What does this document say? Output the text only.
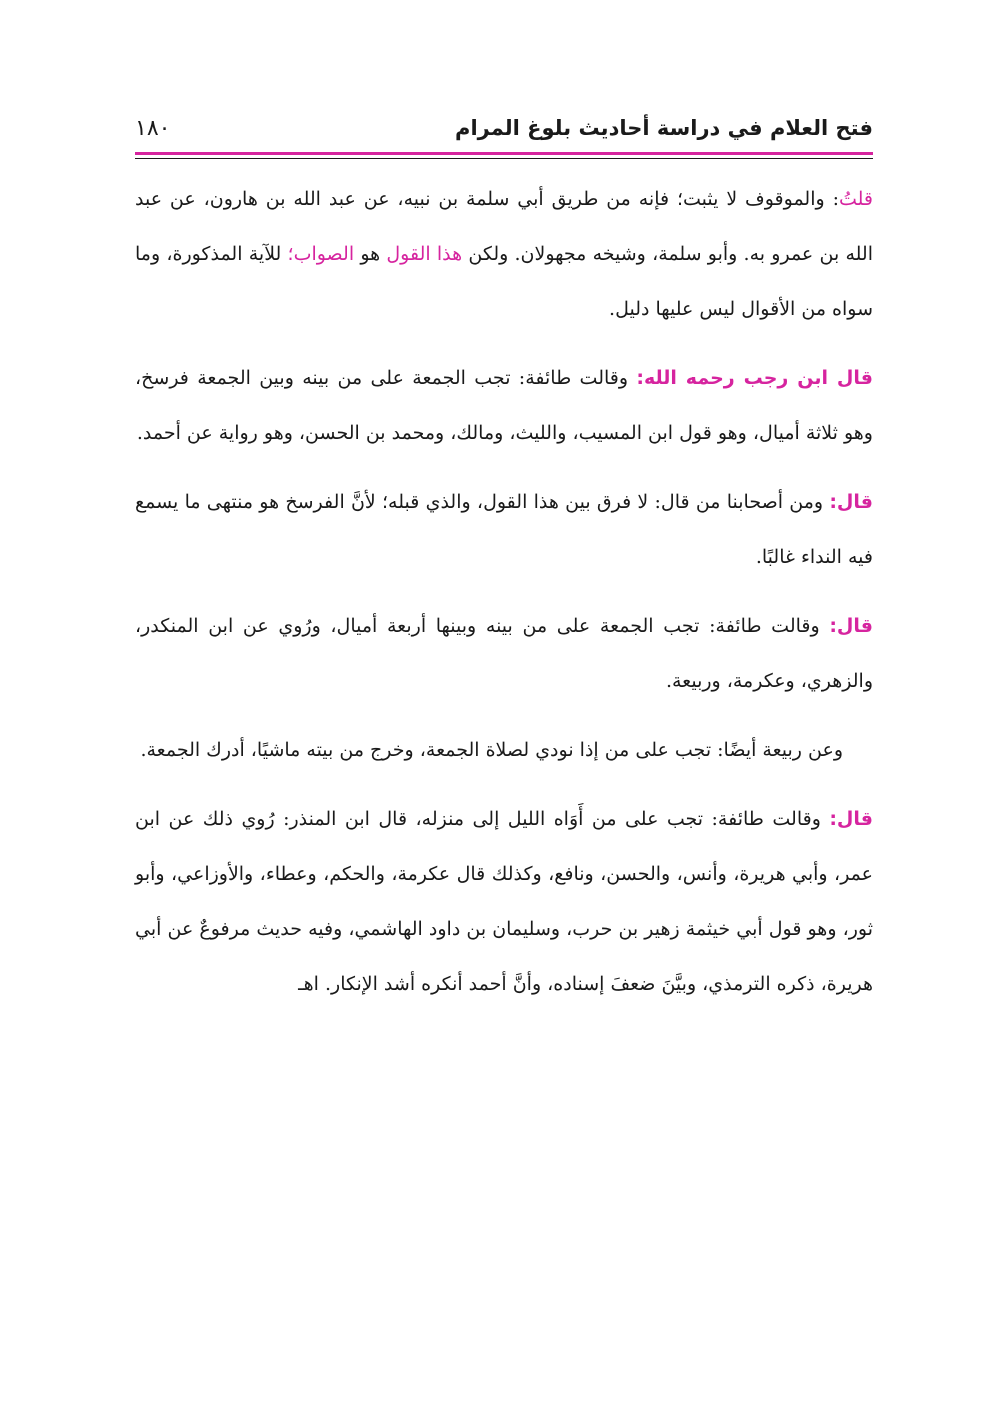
فتح العلام في دراسة أحاديث بلوغ المرام
١٨٠

قلتُ: والموقوف لا يثبت؛ فإنه من طريق أبي سلمة بن نبيه، عن عبد الله بن هارون، عن عبد الله بن عمرو به. وأبو سلمة، وشيخه مجهولان. ولكن هذا القول هو الصواب؛ للآية المذكورة، وما سواه من الأقوال ليس عليها دليل.

قال ابن رجب رحمه الله: وقالت طائفة: تجب الجمعة على من بينه وبين الجمعة فرسخ، وهو ثلاثة أميال، وهو قول ابن المسيب، والليث، ومالك، ومحمد بن الحسن، وهو رواية عن أحمد.

قال: ومن أصحابنا من قال: لا فرق بين هذا القول، والذي قبله؛ لأنَّ الفرسخ هو منتهى ما يسمع فيه النداء غالبًا.

قال: وقالت طائفة: تجب الجمعة على من بينه وبينها أربعة أميال، ورُوي عن ابن المنكدر، والزهري، وعكرمة، وربيعة.

وعن ربيعة أيضًا: تجب على من إذا نودي لصلاة الجمعة، وخرج من بيته ماشيًا، أدرك الجمعة.

قال: وقالت طائفة: تجب على من أَوَاه الليل إلى منزله، قال ابن المنذر: رُوي ذلك عن ابن عمر، وأبي هريرة، وأنس، والحسن، ونافع، وكذلك قال عكرمة، والحكم، وعطاء، والأوزاعي، وأبو ثور، وهو قول أبي خيثمة زهير بن حرب، وسليمان بن داود الهاشمي، وفيه حديث مرفوعٌ عن أبي هريرة، ذكره الترمذي، وبيَّنَ ضعفَ إسناده، وأنَّ أحمد أنكره أشد الإنكار. اهـ
